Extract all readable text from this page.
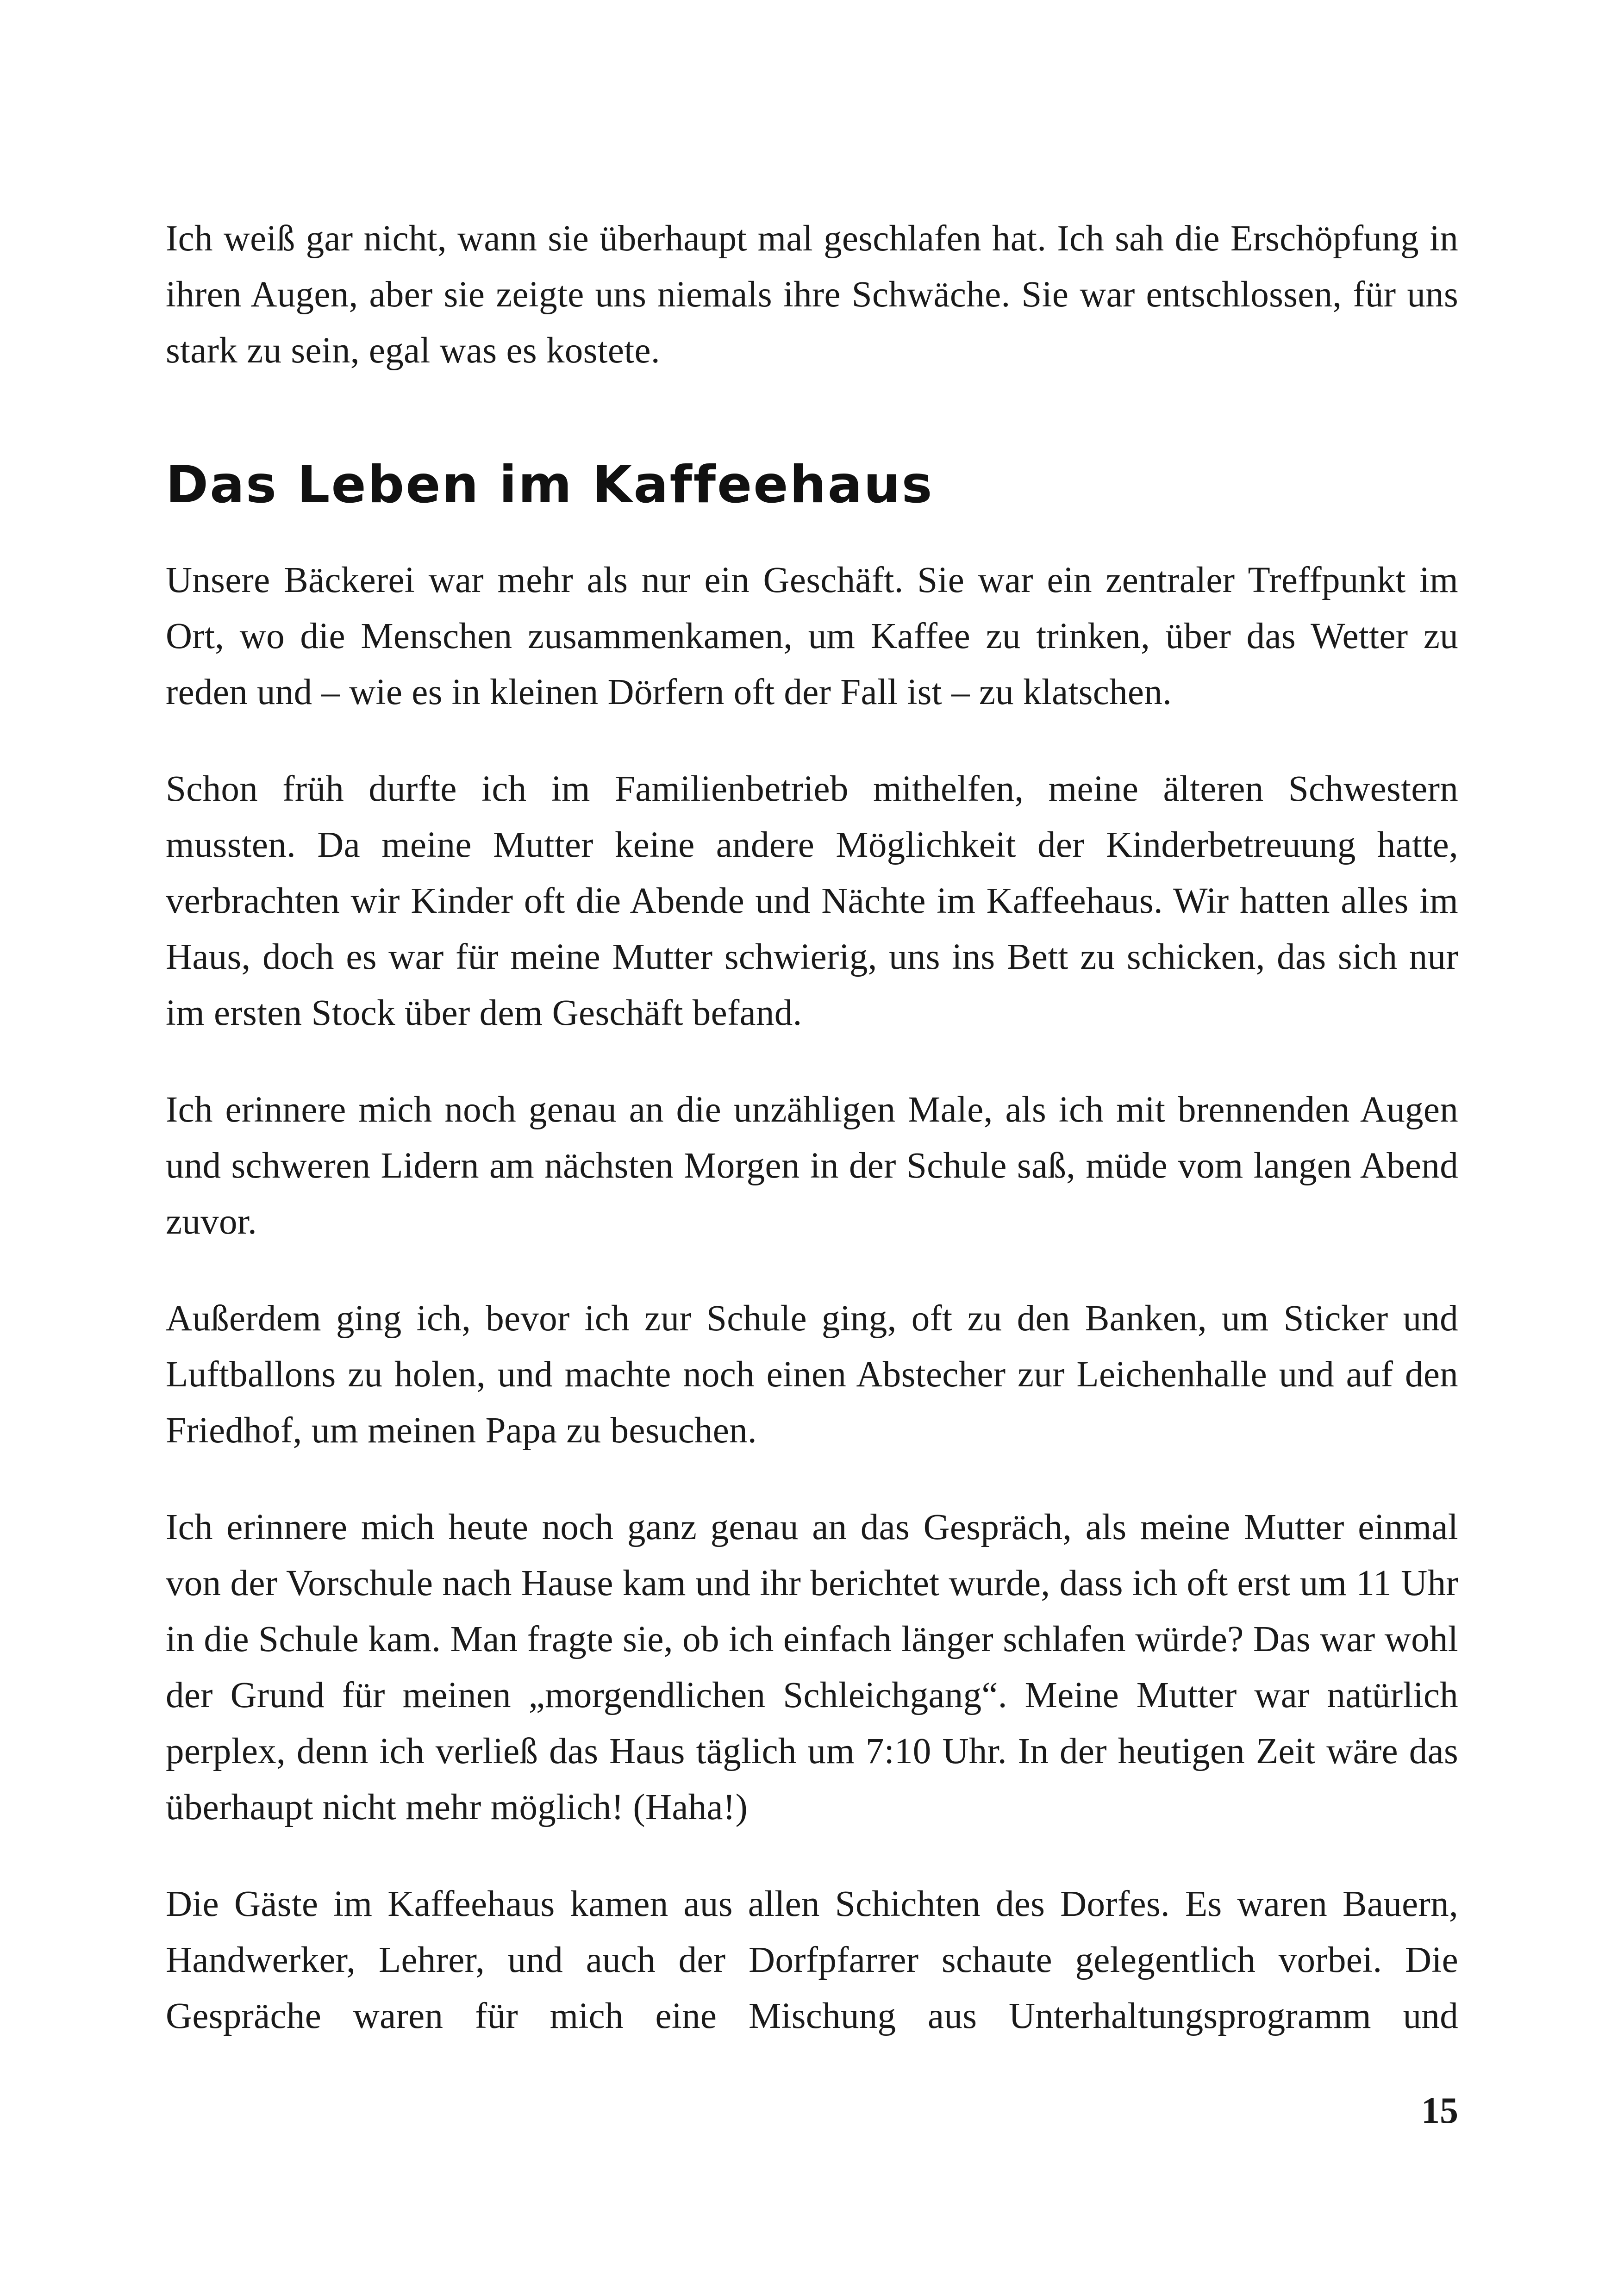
Ich weiß gar nicht, wann sie überhaupt mal geschlafen hat. Ich sah die Erschöpfung in ihren Augen, aber sie zeigte uns niemals ihre Schwäche. Sie war entschlossen, für uns stark zu sein, egal was es kostete.

Das Leben im Kaffeehaus

Unsere Bäckerei war mehr als nur ein Geschäft. Sie war ein zentraler Treffpunkt im Ort, wo die Menschen zusammenkamen, um Kaffee zu trinken, über das Wetter zu reden und – wie es in kleinen Dörfern oft der Fall ist – zu klatschen.

Schon früh durfte ich im Familienbetrieb mithelfen, meine älteren Schwestern mussten. Da meine Mutter keine andere Möglichkeit der Kinderbetreuung hatte, verbrachten wir Kinder oft die Abende und Nächte im Kaffeehaus. Wir hatten alles im Haus, doch es war für meine Mutter schwierig, uns ins Bett zu schicken, das sich nur im ersten Stock über dem Geschäft befand.

Ich erinnere mich noch genau an die unzähligen Male, als ich mit brennenden Augen und schweren Lidern am nächsten Morgen in der Schule saß, müde vom langen Abend zuvor.

Außerdem ging ich, bevor ich zur Schule ging, oft zu den Banken, um Sticker und Luftballons zu holen, und machte noch einen Abstecher zur Leichenhalle und auf den Friedhof, um meinen Papa zu besuchen.

Ich erinnere mich heute noch ganz genau an das Gespräch, als meine Mutter einmal von der Vorschule nach Hause kam und ihr berichtet wurde, dass ich oft erst um 11 Uhr in die Schule kam. Man fragte sie, ob ich einfach länger schlafen würde? Das war wohl der Grund für meinen „morgendlichen Schleichgang“. Meine Mutter war natürlich perplex, denn ich verließ das Haus täglich um 7:10 Uhr. In der heutigen Zeit wäre das überhaupt nicht mehr möglich! (Haha!)

Die Gäste im Kaffeehaus kamen aus allen Schichten des Dorfes. Es waren Bauern, Handwerker, Lehrer, und auch der Dorfpfarrer schaute gelegentlich vorbei. Die Gespräche waren für mich eine Mischung aus Unterhaltungsprogramm und

15
